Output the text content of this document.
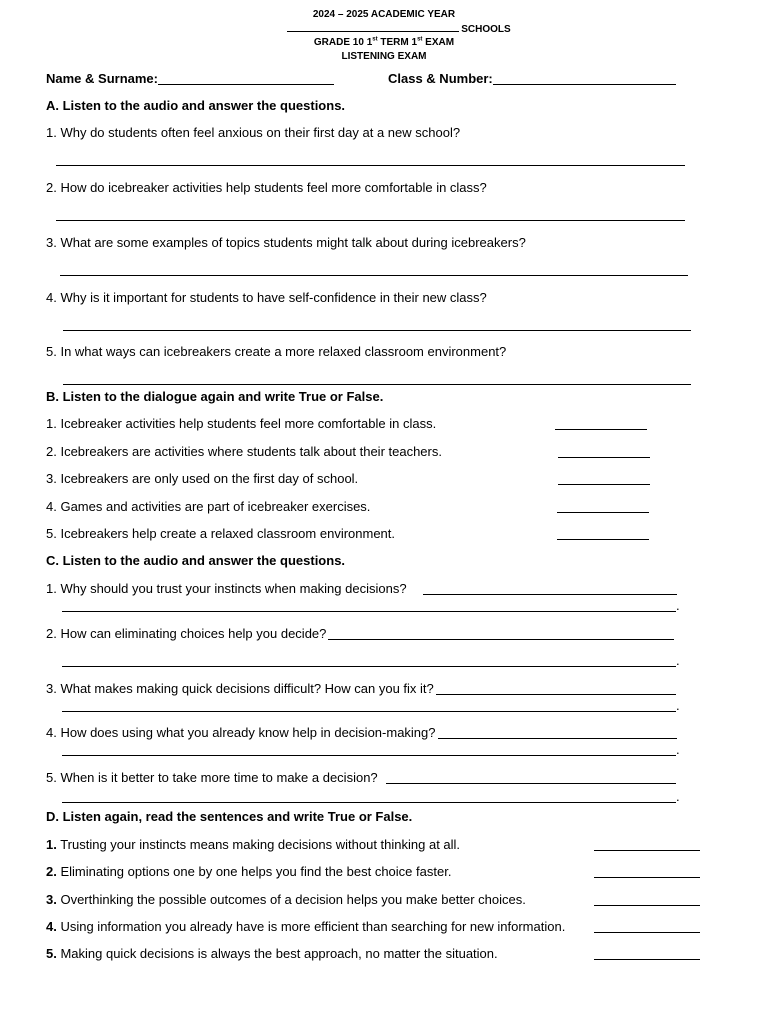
2024 – 2025 ACADEMIC YEAR
SCHOOLS
GRADE 10 1st TERM 1st EXAM
LISTENING EXAM
Name & Surname:	Class & Number:
A. Listen to the audio and answer the questions.
1. Why do students often feel anxious on their first day at a new school?
2. How do icebreaker activities help students feel more comfortable in class?
3. What are some examples of topics students might talk about during icebreakers?
4. Why is it important for students to have self-confidence in their new class?
5. In what ways can icebreakers create a more relaxed classroom environment?
B. Listen to the dialogue again and write True or False.
1. Icebreaker activities help students feel more comfortable in class.
2. Icebreakers are activities where students talk about their teachers.
3. Icebreakers are only used on the first day of school.
4. Games and activities are part of icebreaker exercises.
5. Icebreakers help create a relaxed classroom environment.
C. Listen to the audio and answer the questions.
1. Why should you trust your instincts when making decisions?
.
2. How can eliminating choices help you decide?
.
3. What makes making quick decisions difficult? How can you fix it?
.
4. How does using what you already know help in decision-making?
.
5. When is it better to take more time to make a decision?
.
D. Listen again, read the sentences and write True or False.
1. Trusting your instincts means making decisions without thinking at all.
2. Eliminating options one by one helps you find the best choice faster.
3. Overthinking the possible outcomes of a decision helps you make better choices.
4. Using information you already have is more efficient than searching for new information.
5. Making quick decisions is always the best approach, no matter the situation.
